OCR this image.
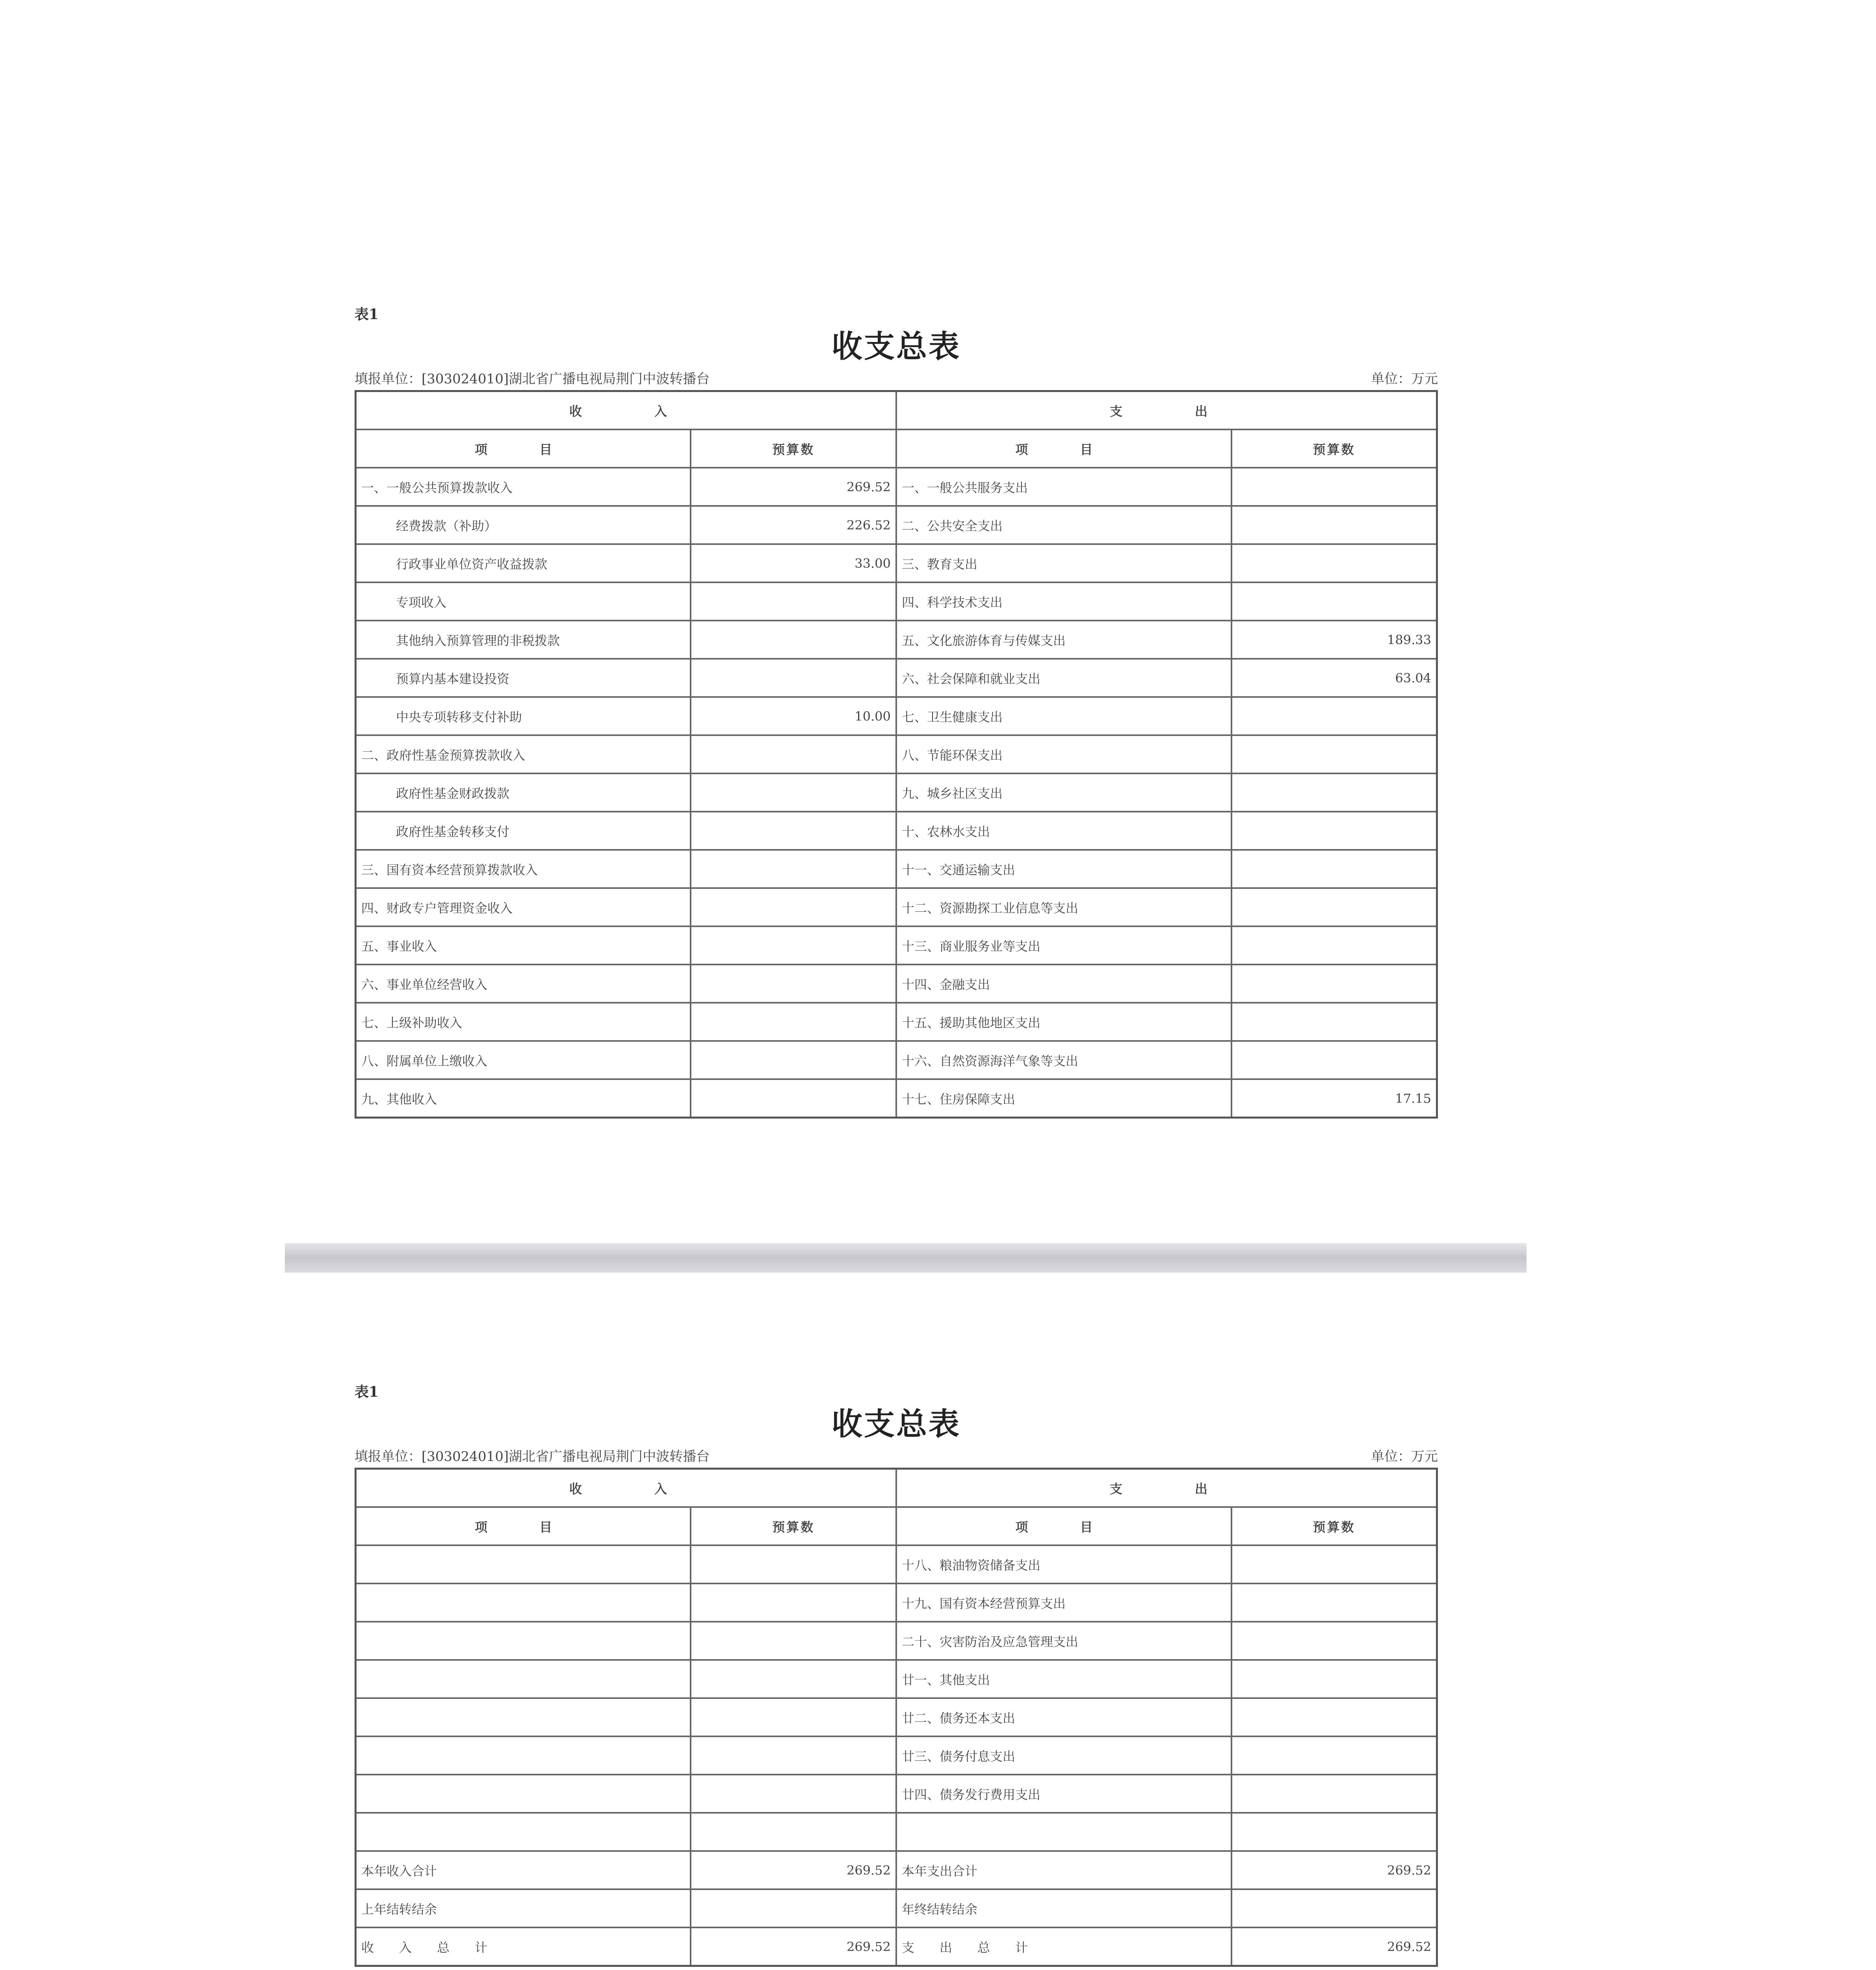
表1
收支总表
填报单位：[303024010]湖北省广播电视局荆门中波转播台	单位：万元
收　　入		支　　出	
项　目	预算数	项　目	预算数
一、一般公共预算拨款收入	269.52	一、一般公共服务支出	
经费拨款（补助）	226.52	二、公共安全支出	
行政事业单位资产收益拨款	33.00	三、教育支出	
专项收入		四、科学技术支出	
其他纳入预算管理的非税拨款		五、文化旅游体育与传媒支出	189.33
预算内基本建设投资		六、社会保障和就业支出	63.04
中央专项转移支付补助	10.00	七、卫生健康支出	
二、政府性基金预算拨款收入		八、节能环保支出	
政府性基金财政拨款		九、城乡社区支出	
政府性基金转移支付		十、农林水支出	
三、国有资本经营预算拨款收入		十一、交通运输支出	
四、财政专户管理资金收入		十二、资源勘探工业信息等支出	
五、事业收入		十三、商业服务业等支出	
六、事业单位经营收入		十四、金融支出	
七、上级补助收入		十五、援助其他地区支出	
八、附属单位上缴收入		十六、自然资源海洋气象等支出	
九、其他收入		十七、住房保障支出	17.15
表1
收支总表
填报单位：[303024010]湖北省广播电视局荆门中波转播台	单位：万元
收　　入		支　　出	
项　目	预算数	项　目	预算数
		十八、粮油物资储备支出	
		十九、国有资本经营预算支出	
		二十、灾害防治及应急管理支出	
		廿一、其他支出	
		廿二、债务还本支出	
		廿三、债务付息支出	
		廿四、债务发行费用支出	

本年收入合计	269.52	本年支出合计	269.52
上年结转结余		年终结转结余	
收　　入　　总　　计	269.52	支　　出　　总　　计	269.52
